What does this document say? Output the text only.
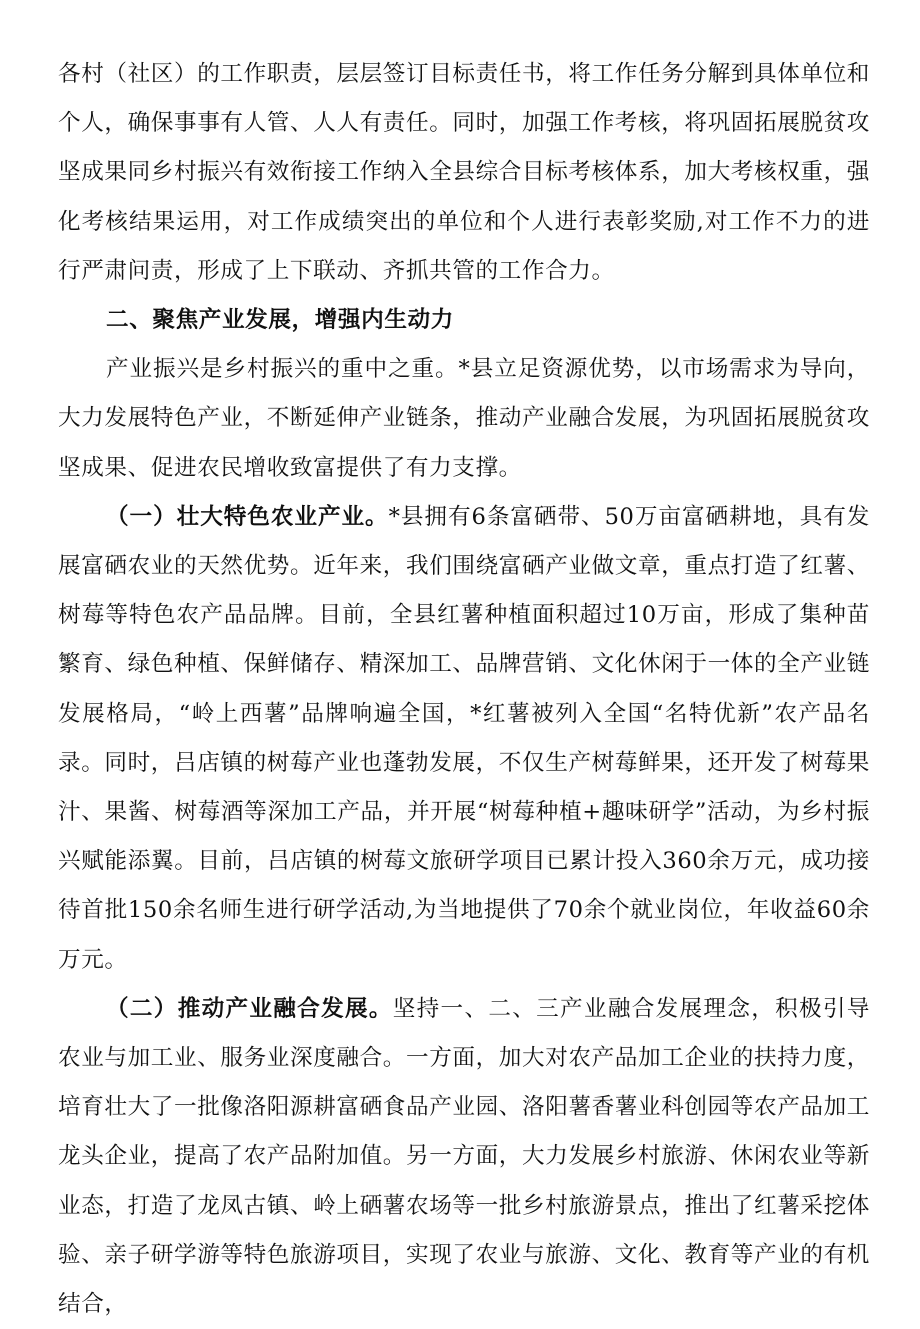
各村（社区）的工作职责，层层签订目标责任书，将工作任务分解到具体单位和个人，确保事事有人管、人人有责任。同时，加强工作考核，将巩固拓展脱贫攻坚成果同乡村振兴有效衔接工作纳入全县综合目标考核体系，加大考核权重，强化考核结果运用，对工作成绩突出的单位和个人进行表彰奖励,对工作不力的进行严肃问责，形成了上下联动、齐抓共管的工作合力。

二、聚焦产业发展，增强内生动力

产业振兴是乡村振兴的重中之重。*县立足资源优势，以市场需求为导向，大力发展特色产业，不断延伸产业链条，推动产业融合发展，为巩固拓展脱贫攻坚成果、促进农民增收致富提供了有力支撑。

（一）壮大特色农业产业。*县拥有6条富硒带、50万亩富硒耕地，具有发展富硒农业的天然优势。近年来，我们围绕富硒产业做文章，重点打造了红薯、树莓等特色农产品品牌。目前，全县红薯种植面积超过10万亩，形成了集种苗繁育、绿色种植、保鲜储存、精深加工、品牌营销、文化休闲于一体的全产业链发展格局，“岭上西薯”品牌响遍全国，*红薯被列入全国“名特优新”农产品名录。同时，吕店镇的树莓产业也蓬勃发展，不仅生产树莓鲜果，还开发了树莓果汁、果酱、树莓酒等深加工产品，并开展“树莓种植+趣味研学”活动，为乡村振兴赋能添翼。目前，吕店镇的树莓文旅研学项目已累计投入360余万元，成功接待首批150余名师生进行研学活动,为当地提供了70余个就业岗位，年收益60余万元。

（二）推动产业融合发展。坚持一、二、三产业融合发展理念，积极引导农业与加工业、服务业深度融合。一方面，加大对农产品加工企业的扶持力度，培育壮大了一批像洛阳源耕富硒食品产业园、洛阳薯香薯业科创园等农产品加工龙头企业，提高了农产品附加值。另一方面，大力发展乡村旅游、休闲农业等新业态，打造了龙凤古镇、岭上硒薯农场等一批乡村旅游景点，推出了红薯采挖体验、亲子研学游等特色旅游项目，实现了农业与旅游、文化、教育等产业的有机结合，
